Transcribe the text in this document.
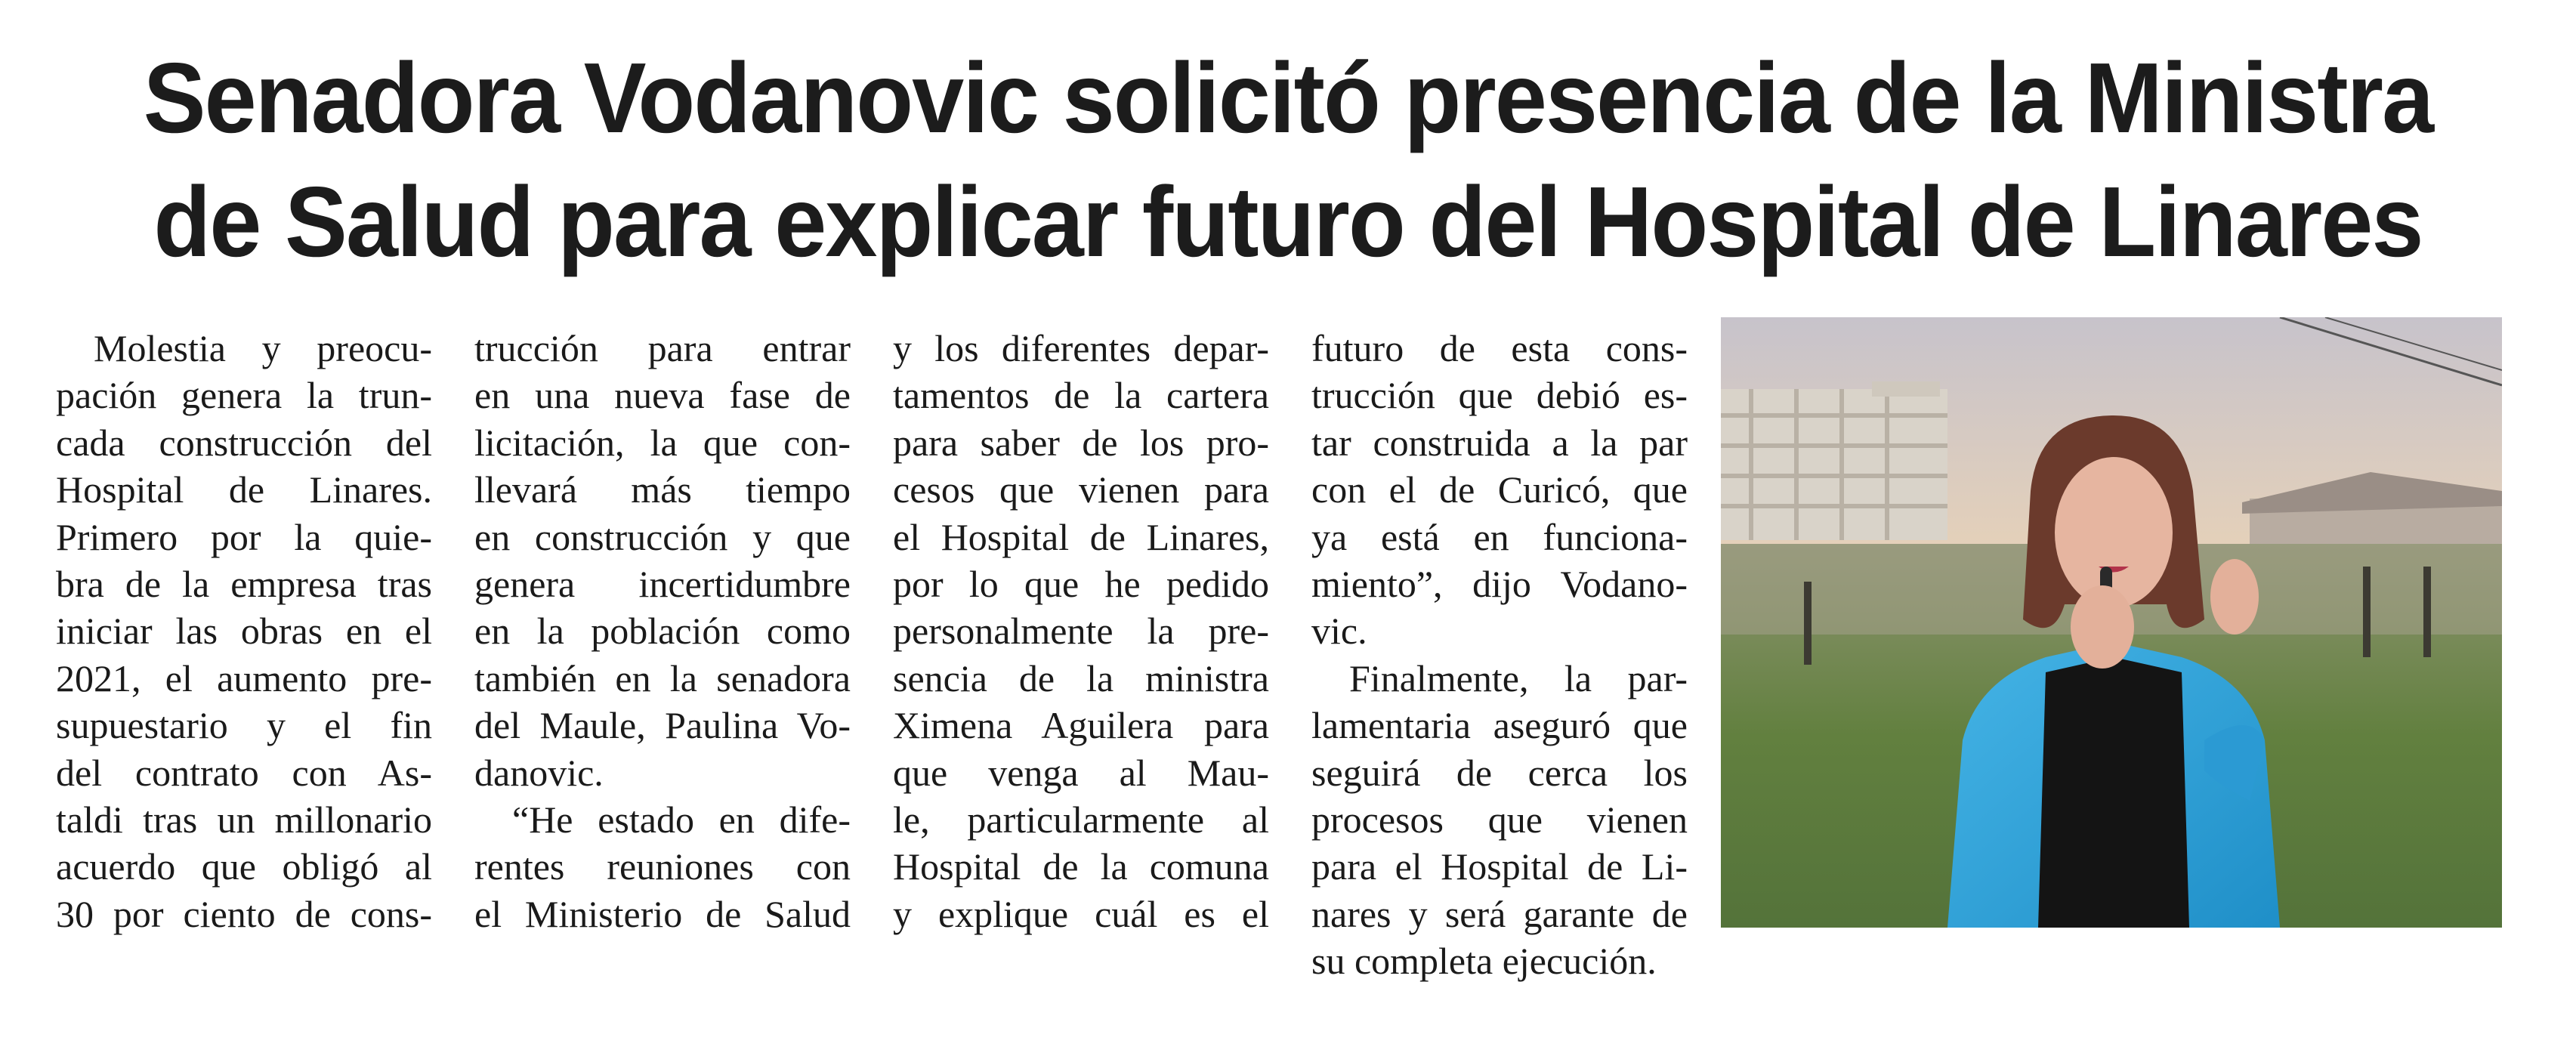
Senadora Vodanovic solicitó presencia de la Ministra
de Salud para explicar futuro del Hospital de Linares
Molestia y preocu-
pación genera la trun-
cada construcción del
Hospital de Linares.
Primero por la quie-
bra de la empresa tras
iniciar las obras en el
2021, el aumento pre-
supuestario y el fin
del contrato con As-
taldi tras un millonario
acuerdo que obligó al
30 por ciento de cons-
trucción para entrar
en una nueva fase de
licitación, la que con-
llevará más tiempo
en construcción y que
genera incertidumbre
en la población como
también en la senadora
del Maule, Paulina Vo-
danovic.
“He estado en dife-
rentes reuniones con
el Ministerio de Salud
y los diferentes depar-
tamentos de la cartera
para saber de los pro-
cesos que vienen para
el Hospital de Linares,
por lo que he pedido
personalmente la pre-
sencia de la ministra
Ximena Aguilera para
que venga al Mau-
le, particularmente al
Hospital de la comuna
y explique cuál es el
futuro de esta cons-
trucción que debió es-
tar construida a la par
con el de Curicó, que
ya está en funciona-
miento”, dijo Vodano-
vic.
Finalmente, la par-
lamentaria aseguró que
seguirá de cerca los
procesos que vienen
para el Hospital de Li-
nares y será garante de
su completa ejecución.
